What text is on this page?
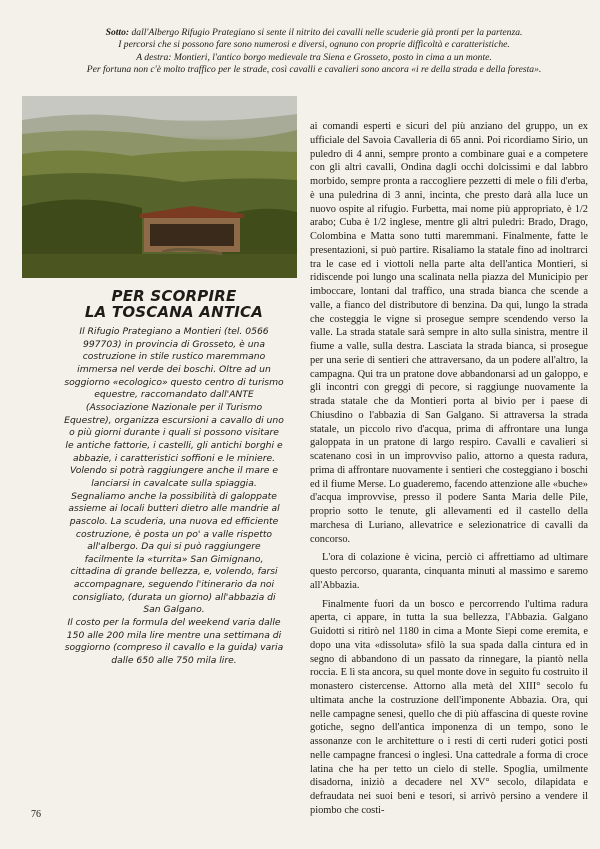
Sotto: dall'Albergo Rifugio Prategiano si sente il nitrito dei cavalli nelle scuderie già pronti per la partenza.
I percorsi che si possono fare sono numerosi e diversi, ognuno con proprie difficoltà e caratteristiche.
A destra: Montieri, l'antico borgo medievale tra Siena e Grosseto, posto in cima a un monte.
Per fortuna non c'è molto traffico per le strade, così cavalli e cavalieri sono ancora «i re della strada e della foresta».
PER SCORPIRE
LA TOSCANA ANTICA

Il Rifugio Prategiano a Montieri (tel. 0566 997703) in provincia di Grosseto, è una costruzione in stile rustico maremmano immersa nel verde dei boschi. Oltre ad un soggiorno «ecologico» questo centro di turismo equestre, raccomandato dall'ANTE (Associazione Nazionale per il Turismo Equestre), organizza escursioni a cavallo di uno o più giorni durante i quali si possono visitare le antiche fattorie, i castelli, gli antichi borghi e abbazie, i caratteristici soffioni e le miniere. Volendo si potrà raggiungere anche il mare e lanciarsi in cavalcate sulla spiaggia. Segnaliamo anche la possibilità di galoppate assieme ai locali butteri dietro alle mandrie al pascolo. La scuderia, una nuova ed efficiente costruzione, è posta un po' a valle rispetto all'albergo. Da qui si può raggiungere facilmente la «turrita» San Gimignano, cittadina di grande bellezza, e, volendo, farsi accompagnare, seguendo l'itinerario da noi consigliato, (durata un giorno) all'abbazia di San Galgano.

Il costo per la formula del weekend varia dalle 150 alle 200 mila lire mentre una settimana di soggiorno (compreso il cavallo e la guida) varia dalle 650 alle 750 mila lire.

ai comandi esperti e sicuri del più anziano del gruppo, un ex ufficiale del Savoia Cavalleria di 65 anni. Poi ricordiamo Sirio, un puledro di 4 anni, sempre pronto a combinare guai e a competere con gli altri cavalli, Ondina dagli occhi dolcissimi e dal labbro morbido, sempre pronta a raccogliere pezzetti di mele o fili d'erba, è una puledrina di 3 anni, incinta, che presto darà alla luce un nuovo ospite al rifugio. Furbetta, mai nome più appropriato, è 1/2 arabo; Cuba è 1/2 inglese, mentre gli altri puledri: Brado, Drago, Colombina e Matta sono tutti maremmani. Finalmente, fatte le presentazioni, si può partire. Risaliamo la statale fino ad inoltrarci tra le case ed i viottoli nella parte alta dell'antica Montieri, si ridiscende poi lungo una scalinata nella piazza del Municipio per imboccare, lontani dal traffico, una strada bianca che scende a valle, a fianco del distributore di benzina. Da qui, lungo la strada che costeggia le vigne si prosegue sempre scendendo verso la valle. La strada statale sarà sempre in alto sulla sinistra, mentre il fiume a valle, sulla destra. Lasciata la strada bianca, si prosegue per una serie di sentieri che attraversano, da un podere all'altro, la campagna. Qui tra un pratone dove abbandonarsi ad un galoppo, e gli incontri con greggi di pecore, si raggiunge nuovamente la strada statale che da Montieri porta al bivio per i paese di Chiusdino o l'abbazia di San Galgano. Si attraversa la strada statale, un piccolo rivo d'acqua, prima di affrontare una lunga galoppata in un pratone di largo respiro. Cavalli e cavalieri si scatenano così in un improvviso palio, attorno a questa radura, prima di affrontare nuovamente i sentieri che costeggiano i boschi ed il fiume Merse. Lo guaderemo, facendo attenzione alle «buche» d'acqua improvvise, presso il podere Santa Maria delle Pile, proprio sotto le tenute, gli allevamenti ed il castello della marchesa di Luriano, allevatrice e selezionatrice di cavalli da concorso.

L'ora di colazione è vicina, perciò ci affrettiamo ad ultimare questo percorso, quaranta, cinquanta minuti al massimo e saremo all'Abbazia.

Finalmente fuori da un bosco e percorrendo l'ultima radura aperta, ci appare, in tutta la sua bellezza, l'Abbazia. Galgano Guidotti si ritirò nel 1180 in cima a Monte Siepi come eremita, e dopo una vita «dissoluta» sfilò la sua spada dalla cintura ed in segno di abbandono di un passato da rinnegare, la piantò nella roccia. E lì sta ancora, su quel monte dove in seguito fu costruito il monastero cistercense. Attorno alla metà del XIII° secolo fu ultimata anche la costruzione dell'imponente Abbazia. Ora, qui nelle campagne senesi, quello che di più affascina di queste rovine gotiche, segno dell'antica imponenza di un tempo, sono le assonanze con le architetture o i resti di certi ruderi gotici posti nelle campagne francesi o inglesi. Una cattedrale a forma di croce latina che ha per tetto un cielo di stelle. Spoglia, umilmente disadorna, iniziò a decadere nel XV° secolo, dilapidata e defraudata nei suoi beni e tesori, si arrivò persino a vendere il piombo che costi-

76
